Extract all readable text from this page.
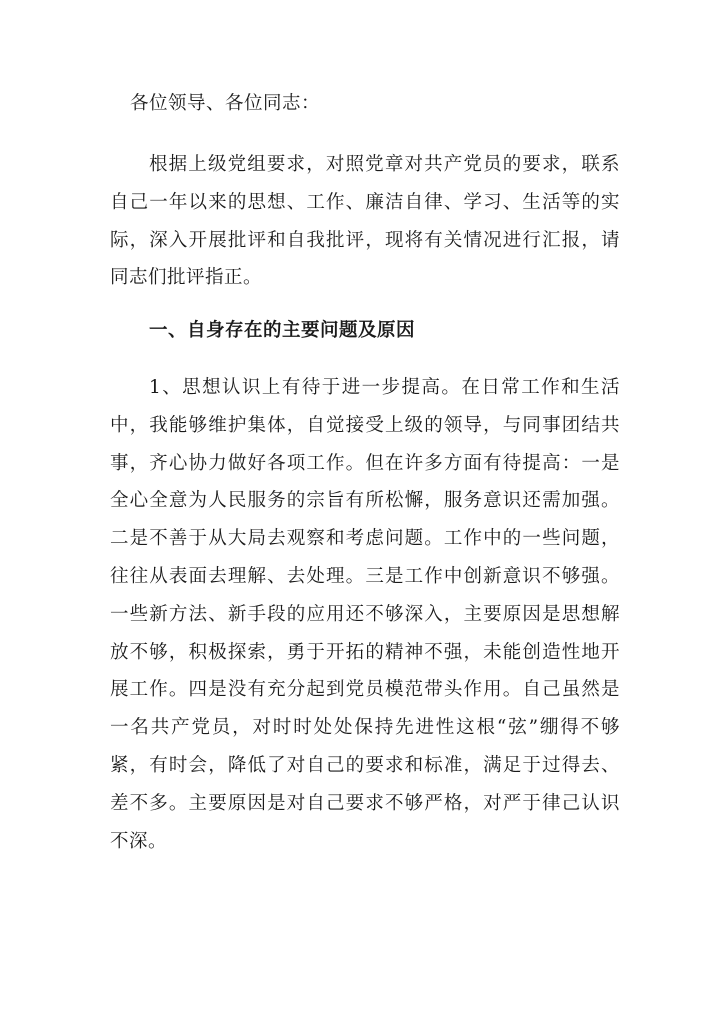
各位领导、各位同志：
根据上级党组要求，对照党章对共产党员的要求，联系自己一年以来的思想、工作、廉洁自律、学习、生活等的实际，深入开展批评和自我批评，现将有关情况进行汇报，请同志们批评指正。
一、自身存在的主要问题及原因
1、思想认识上有待于进一步提高。在日常工作和生活中，我能够维护集体，自觉接受上级的领导，与同事团结共事，齐心协力做好各项工作。但在许多方面有待提高：一是全心全意为人民服务的宗旨有所松懈，服务意识还需加强。二是不善于从大局去观察和考虑问题。工作中的一些问题，往往从表面去理解、去处理。三是工作中创新意识不够强。一些新方法、新手段的应用还不够深入，主要原因是思想解放不够，积极探索，勇于开拓的精神不强，未能创造性地开展工作。四是没有充分起到党员模范带头作用。自己虽然是一名共产党员，对时时处处保持先进性这根“弦”绷得不够紧，有时会，降低了对自己的要求和标准，满足于过得去、差不多。主要原因是对自己要求不够严格，对严于律己认识不深。
